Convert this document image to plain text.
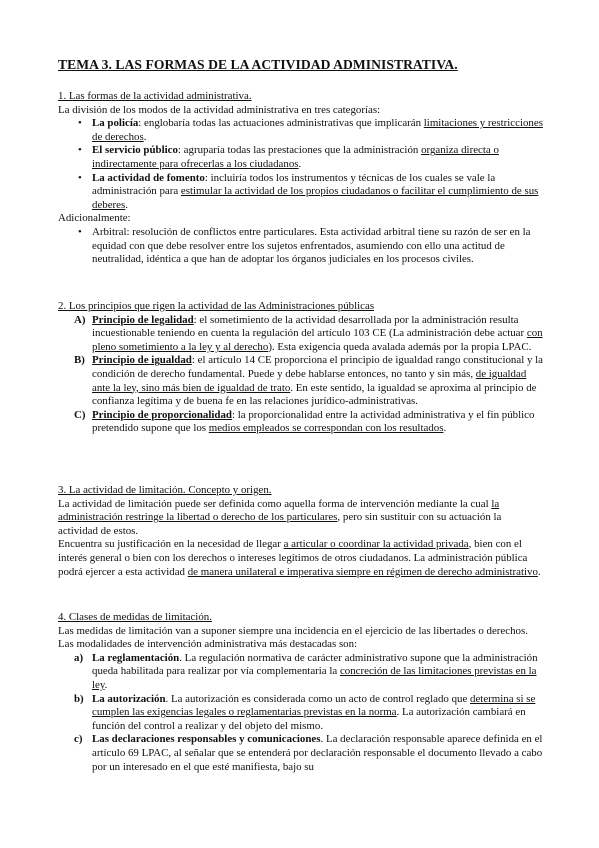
TEMA 3. LAS FORMAS DE LA ACTIVIDAD ADMINISTRATIVA.

1. Las formas de la actividad administrativa.

La división de los modos de la actividad administrativa en tres categorías:

• La policía: englobaría todas las actuaciones administrativas que implicarán limitaciones y restricciones de derechos.
• El servicio público: agruparía todas las prestaciones que la administración organiza directa o indirectamente para ofrecerlas a los ciudadanos.
• La actividad de fomento: incluiría todos los instrumentos y técnicas de los cuales se vale la administración para estimular la actividad de los propios ciudadanos o facilitar el cumplimiento de sus deberes.

Adicionalmente:

• Arbitral: resolución de conflictos entre particulares. Esta actividad arbitral tiene su razón de ser en la equidad con que debe resolver entre los sujetos enfrentados, asumiendo con ello una actitud de neutralidad, idéntica a que han de adoptar los órganos judiciales en los procesos civiles.

2. Los principios que rigen la actividad de las Administraciones públicas

A) Principio de legalidad: el sometimiento de la actividad desarrollada por la administración resulta incuestionable teniendo en cuenta la regulación del artículo 103 CE (La administración debe actuar con pleno sometimiento a la ley y al derecho). Esta exigencia queda avalada además por la propia LPAC.
B) Principio de igualdad: el artículo 14 CE proporciona el principio de igualdad rango constitucional y la condición de derecho fundamental. Puede y debe hablarse entonces, no tanto y sin más, de igualdad ante la ley, sino más bien de igualdad de trato. En este sentido, la igualdad se aproxima al principio de confianza legítima y de buena fe en las relaciones jurídico-administrativas.
C) Principio de proporcionalidad: la proporcionalidad entre la actividad administrativa y el fin público pretendido supone que los medios empleados se correspondan con los resultados.

3. La actividad de limitación. Concepto y origen.

La actividad de limitación puede ser definida como aquella forma de intervención mediante la cual la administración restringe la libertad o derecho de los particulares, pero sin sustituir con su actuación la actividad de estos.

Encuentra su justificación en la necesidad de llegar a articular o coordinar la actividad privada, bien con el interés general o bien con los derechos o intereses legítimos de otros ciudadanos. La administración pública podrá ejercer a esta actividad de manera unilateral e imperativa siempre en régimen de derecho administrativo.

4. Clases de medidas de limitación.

Las medidas de limitación van a suponer siempre una incidencia en el ejercicio de las libertades o derechos. Las modalidades de intervención administrativa más destacadas son:

a) La reglamentación. La regulación normativa de carácter administrativo supone que la administración queda habilitada para realizar por vía complementaria la concreción de las limitaciones previstas en la ley.
b) La autorización. La autorización es considerada como un acto de control reglado que determina si se cumplen las exigencias legales o reglamentarias previstas en la norma. La autorización cambiará en función del control a realizar y del objeto del mismo.
c) Las declaraciones responsables y comunicaciones. La declaración responsable aparece definida en el artículo 69 LPAC, al señalar que se entenderá por declaración responsable el documento llevado a cabo por un interesado en el que esté manifiesta, bajo su
